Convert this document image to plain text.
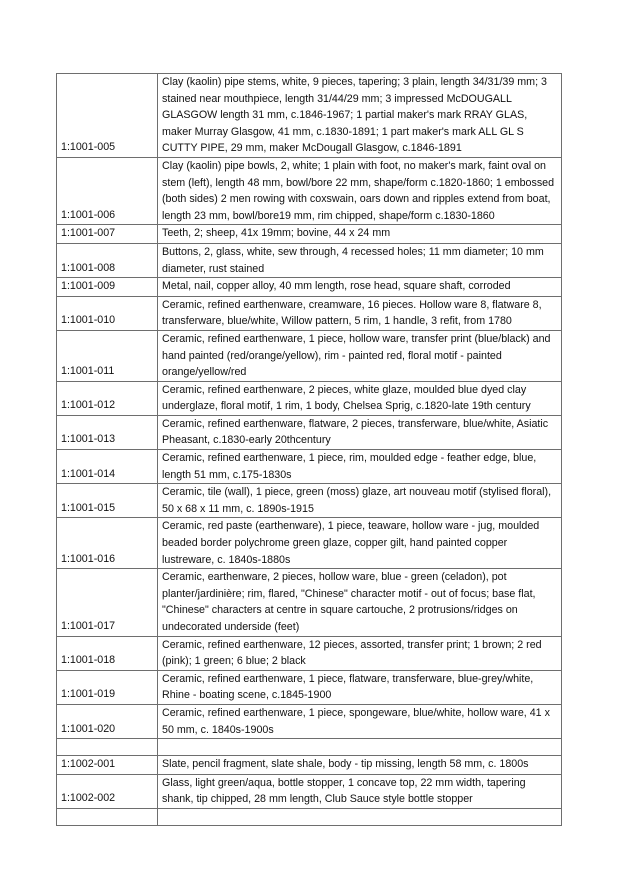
1:1001-005	Clay (kaolin) pipe stems, white, 9 pieces, tapering; 3 plain, length 34/31/39 mm; 3 stained near mouthpiece, length 31/44/29 mm; 3 impressed McDOUGALL GLASGOW length 31 mm, c.1846-1967; 1 partial maker's mark RRAY GLAS, maker Murray Glasgow, 41 mm, c.1830-1891; 1 part maker's mark ALL GL S CUTTY PIPE, 29 mm, maker McDougall Glasgow, c.1846-1891
1:1001-006	Clay (kaolin) pipe bowls, 2, white; 1 plain with foot, no maker's mark, faint oval on stem (left), length 48 mm, bowl/bore 22 mm, shape/form c.1820-1860; 1 embossed (both sides) 2 men rowing with coxswain, oars down and ripples extend from boat, length 23 mm, bowl/bore19 mm, rim chipped, shape/form c.1830-1860
1:1001-007	Teeth, 2; sheep, 41x 19mm; bovine, 44 x 24 mm
1:1001-008	Buttons, 2, glass, white, sew through, 4 recessed holes; 11 mm diameter; 10 mm diameter, rust stained
1:1001-009	Metal, nail, copper alloy, 40 mm length, rose head, square shaft, corroded
1:1001-010	Ceramic, refined earthenware, creamware, 16 pieces. Hollow ware 8, flatware 8, transferware, blue/white, Willow pattern, 5 rim, 1 handle, 3 refit, from 1780
1:1001-011	Ceramic, refined earthenware, 1 piece, hollow ware, transfer print (blue/black) and hand painted (red/orange/yellow), rim - painted red, floral motif - painted orange/yellow/red
1:1001-012	Ceramic, refined earthenware, 2 pieces, white glaze, moulded blue dyed clay underglaze, floral motif, 1 rim, 1 body, Chelsea Sprig, c.1820-late 19th century
1:1001-013	Ceramic, refined earthenware, flatware, 2 pieces, transferware, blue/white, Asiatic Pheasant, c.1830-early 20thcentury
1:1001-014	Ceramic, refined earthenware, 1 piece, rim, moulded edge - feather edge, blue, length 51 mm, c.175-1830s
1:1001-015	Ceramic, tile (wall), 1 piece, green (moss) glaze, art nouveau motif (stylised floral), 50 x 68 x 11 mm, c. 1890s-1915
1:1001-016	Ceramic, red paste (earthenware), 1 piece, teaware, hollow ware - jug, moulded beaded border polychrome green glaze, copper gilt, hand painted copper lustreware, c. 1840s-1880s
1:1001-017	Ceramic, earthenware, 2 pieces, hollow ware, blue - green (celadon), pot planter/jardinière; rim, flared, "Chinese" character motif - out of focus; base flat, "Chinese" characters at centre in square cartouche, 2 protrusions/ridges on undecorated underside (feet)
1:1001-018	Ceramic, refined earthenware, 12 pieces, assorted, transfer print; 1 brown; 2 red (pink); 1 green; 6 blue; 2 black
1:1001-019	Ceramic, refined earthenware, 1 piece, flatware, transferware, blue-grey/white, Rhine - boating scene, c.1845-1900
1:1001-020	Ceramic, refined earthenware, 1 piece, spongeware, blue/white, hollow ware, 41 x 50 mm, c. 1840s-1900s

1:1002-001	Slate, pencil fragment, slate shale, body - tip missing, length 58 mm, c. 1800s
1:1002-002	Glass, light green/aqua, bottle stopper, 1 concave top, 22 mm width, tapering shank, tip chipped, 28 mm length, Club Sauce style bottle stopper
